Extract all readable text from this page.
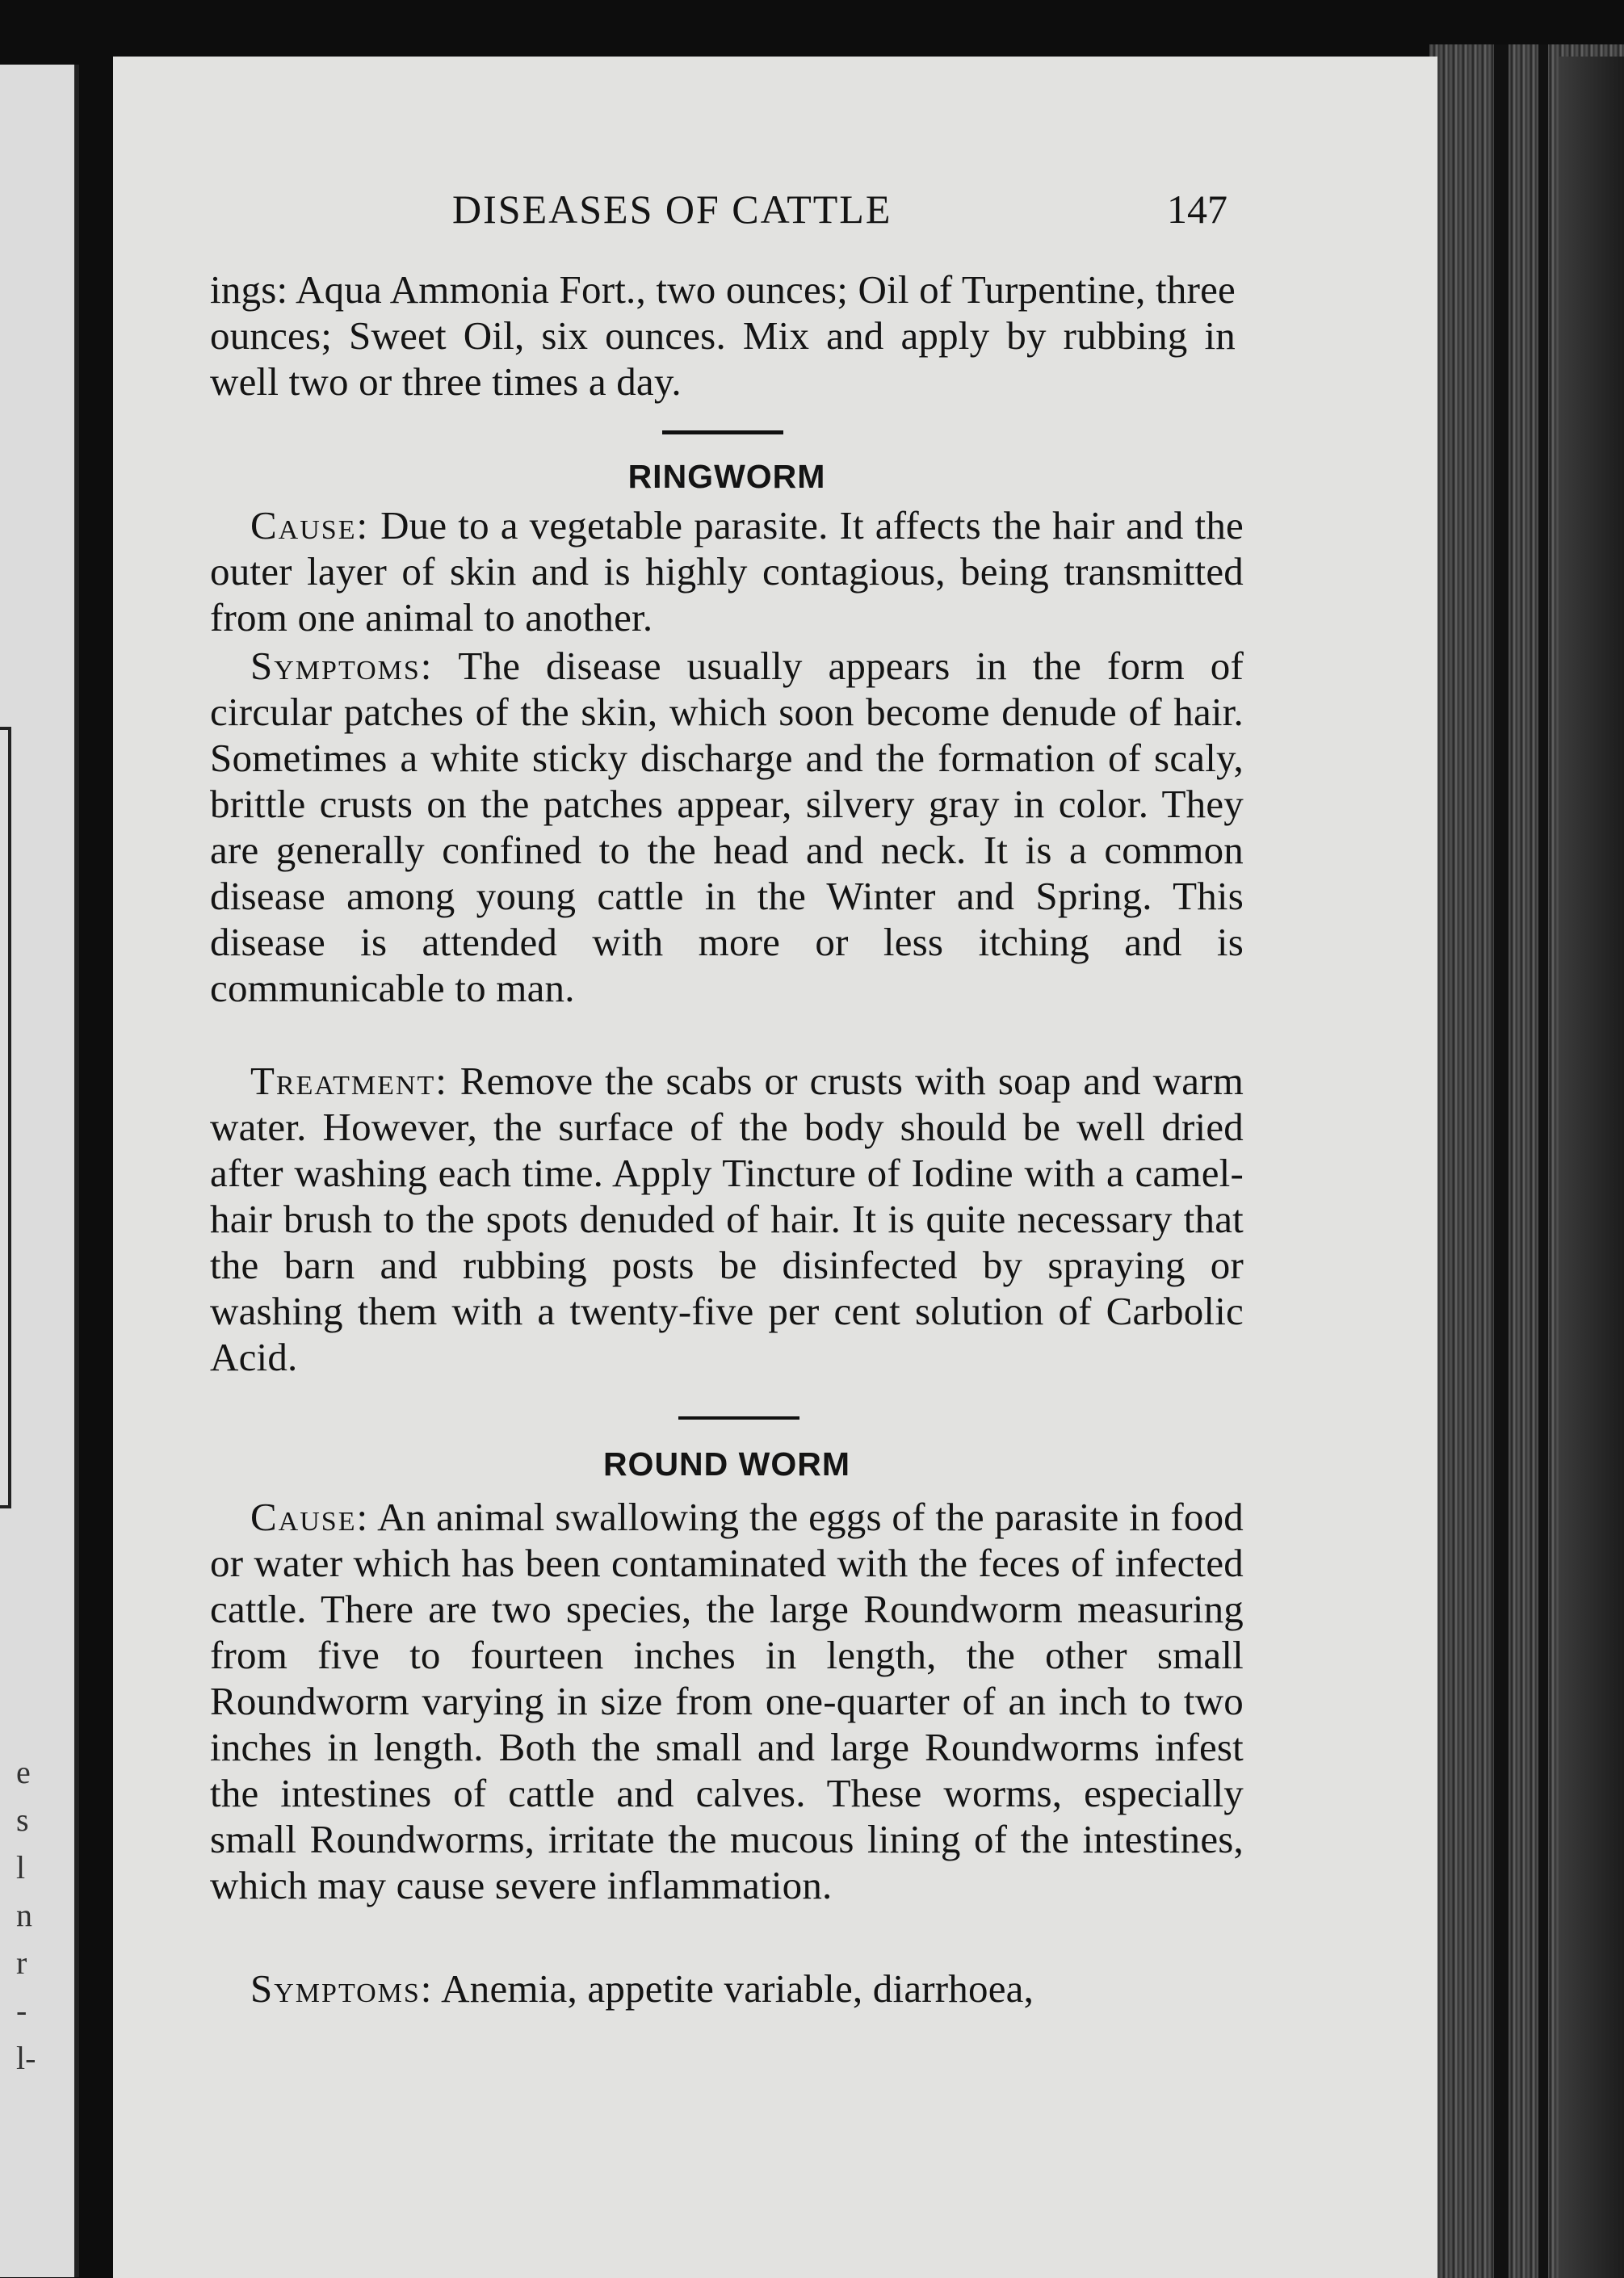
e
s
l
n
r
-
l-
DISEASES OF CATTLE	147

ings: Aqua Ammonia Fort., two ounces; Oil of Turpentine, three ounces; Sweet Oil, six ounces. Mix and apply by rubbing in well two or three times a day.

RINGWORM

Cause: Due to a vegetable parasite. It affects the hair and the outer layer of skin and is highly contagious, being transmitted from one animal to another.

Symptoms: The disease usually appears in the form of circular patches of the skin, which soon become denude of hair. Sometimes a white sticky discharge and the formation of scaly, brittle crusts on the patches appear, silvery gray in color. They are generally confined to the head and neck. It is a common disease among young cattle in the Winter and Spring. This disease is attended with more or less itching and is communicable to man.

Treatment: Remove the scabs or crusts with soap and warm water. However, the surface of the body should be well dried after washing each time. Apply Tincture of Iodine with a camel-hair brush to the spots denuded of hair. It is quite necessary that the barn and rubbing posts be disinfected by spraying or washing them with a twenty-five per cent solution of Carbolic Acid.

ROUND WORM

Cause: An animal swallowing the eggs of the parasite in food or water which has been contaminated with the feces of infected cattle. There are two species, the large Roundworm measuring from five to fourteen inches in length, the other small Roundworm varying in size from one-quarter of an inch to two inches in length. Both the small and large Roundworms infest the intestines of cattle and calves. These worms, especially small Roundworms, irritate the mucous lining of the intestines, which may cause severe inflammation.

Symptoms: Anemia, appetite variable, diarrhoea,
